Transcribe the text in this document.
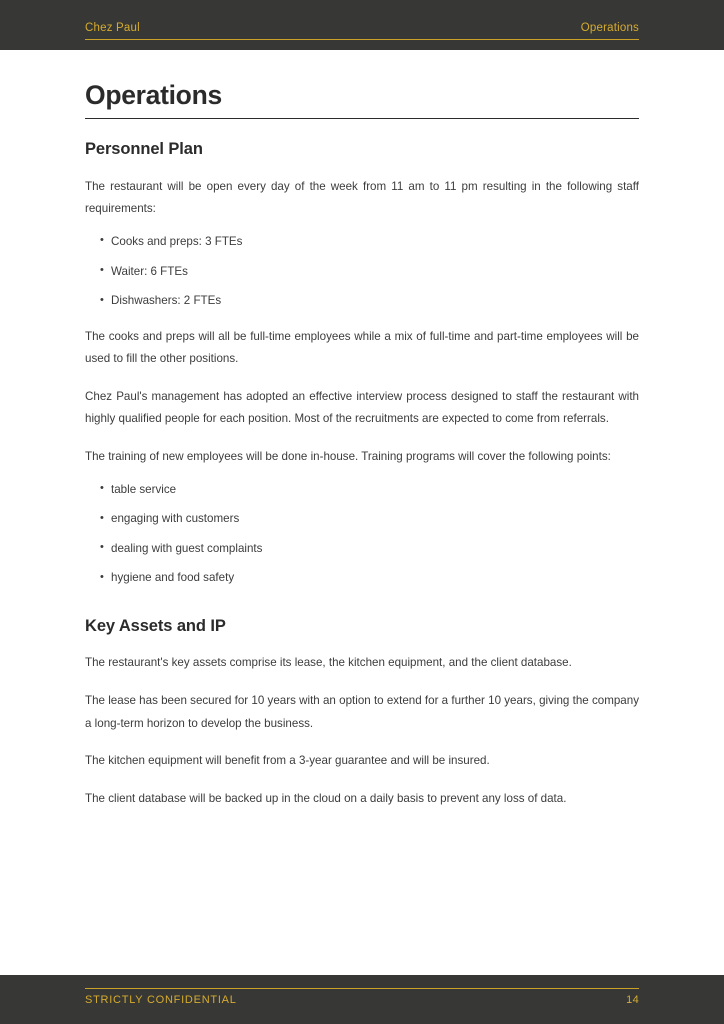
Chez Paul	Operations
Operations
Personnel Plan

The restaurant will be open every day of the week from 11 am to 11 pm resulting in the following staff requirements:

• Cooks and preps: 3 FTEs
• Waiter: 6 FTEs
• Dishwashers: 2 FTEs

The cooks and preps will all be full-time employees while a mix of full-time and part-time employees will be used to fill the other positions.

Chez Paul's management has adopted an effective interview process designed to staff the restaurant with highly qualified people for each position. Most of the recruitments are expected to come from referrals.

The training of new employees will be done in-house. Training programs will cover the following points:

• table service
• engaging with customers
• dealing with guest complaints
• hygiene and food safety
Key Assets and IP

The restaurant's key assets comprise its lease, the kitchen equipment, and the client database.

The lease has been secured for 10 years with an option to extend for a further 10 years, giving the company a long-term horizon to develop the business.

The kitchen equipment will benefit from a 3-year guarantee and will be insured.

The client database will be backed up in the cloud on a daily basis to prevent any loss of data.

STRICTLY CONFIDENTIAL	14
